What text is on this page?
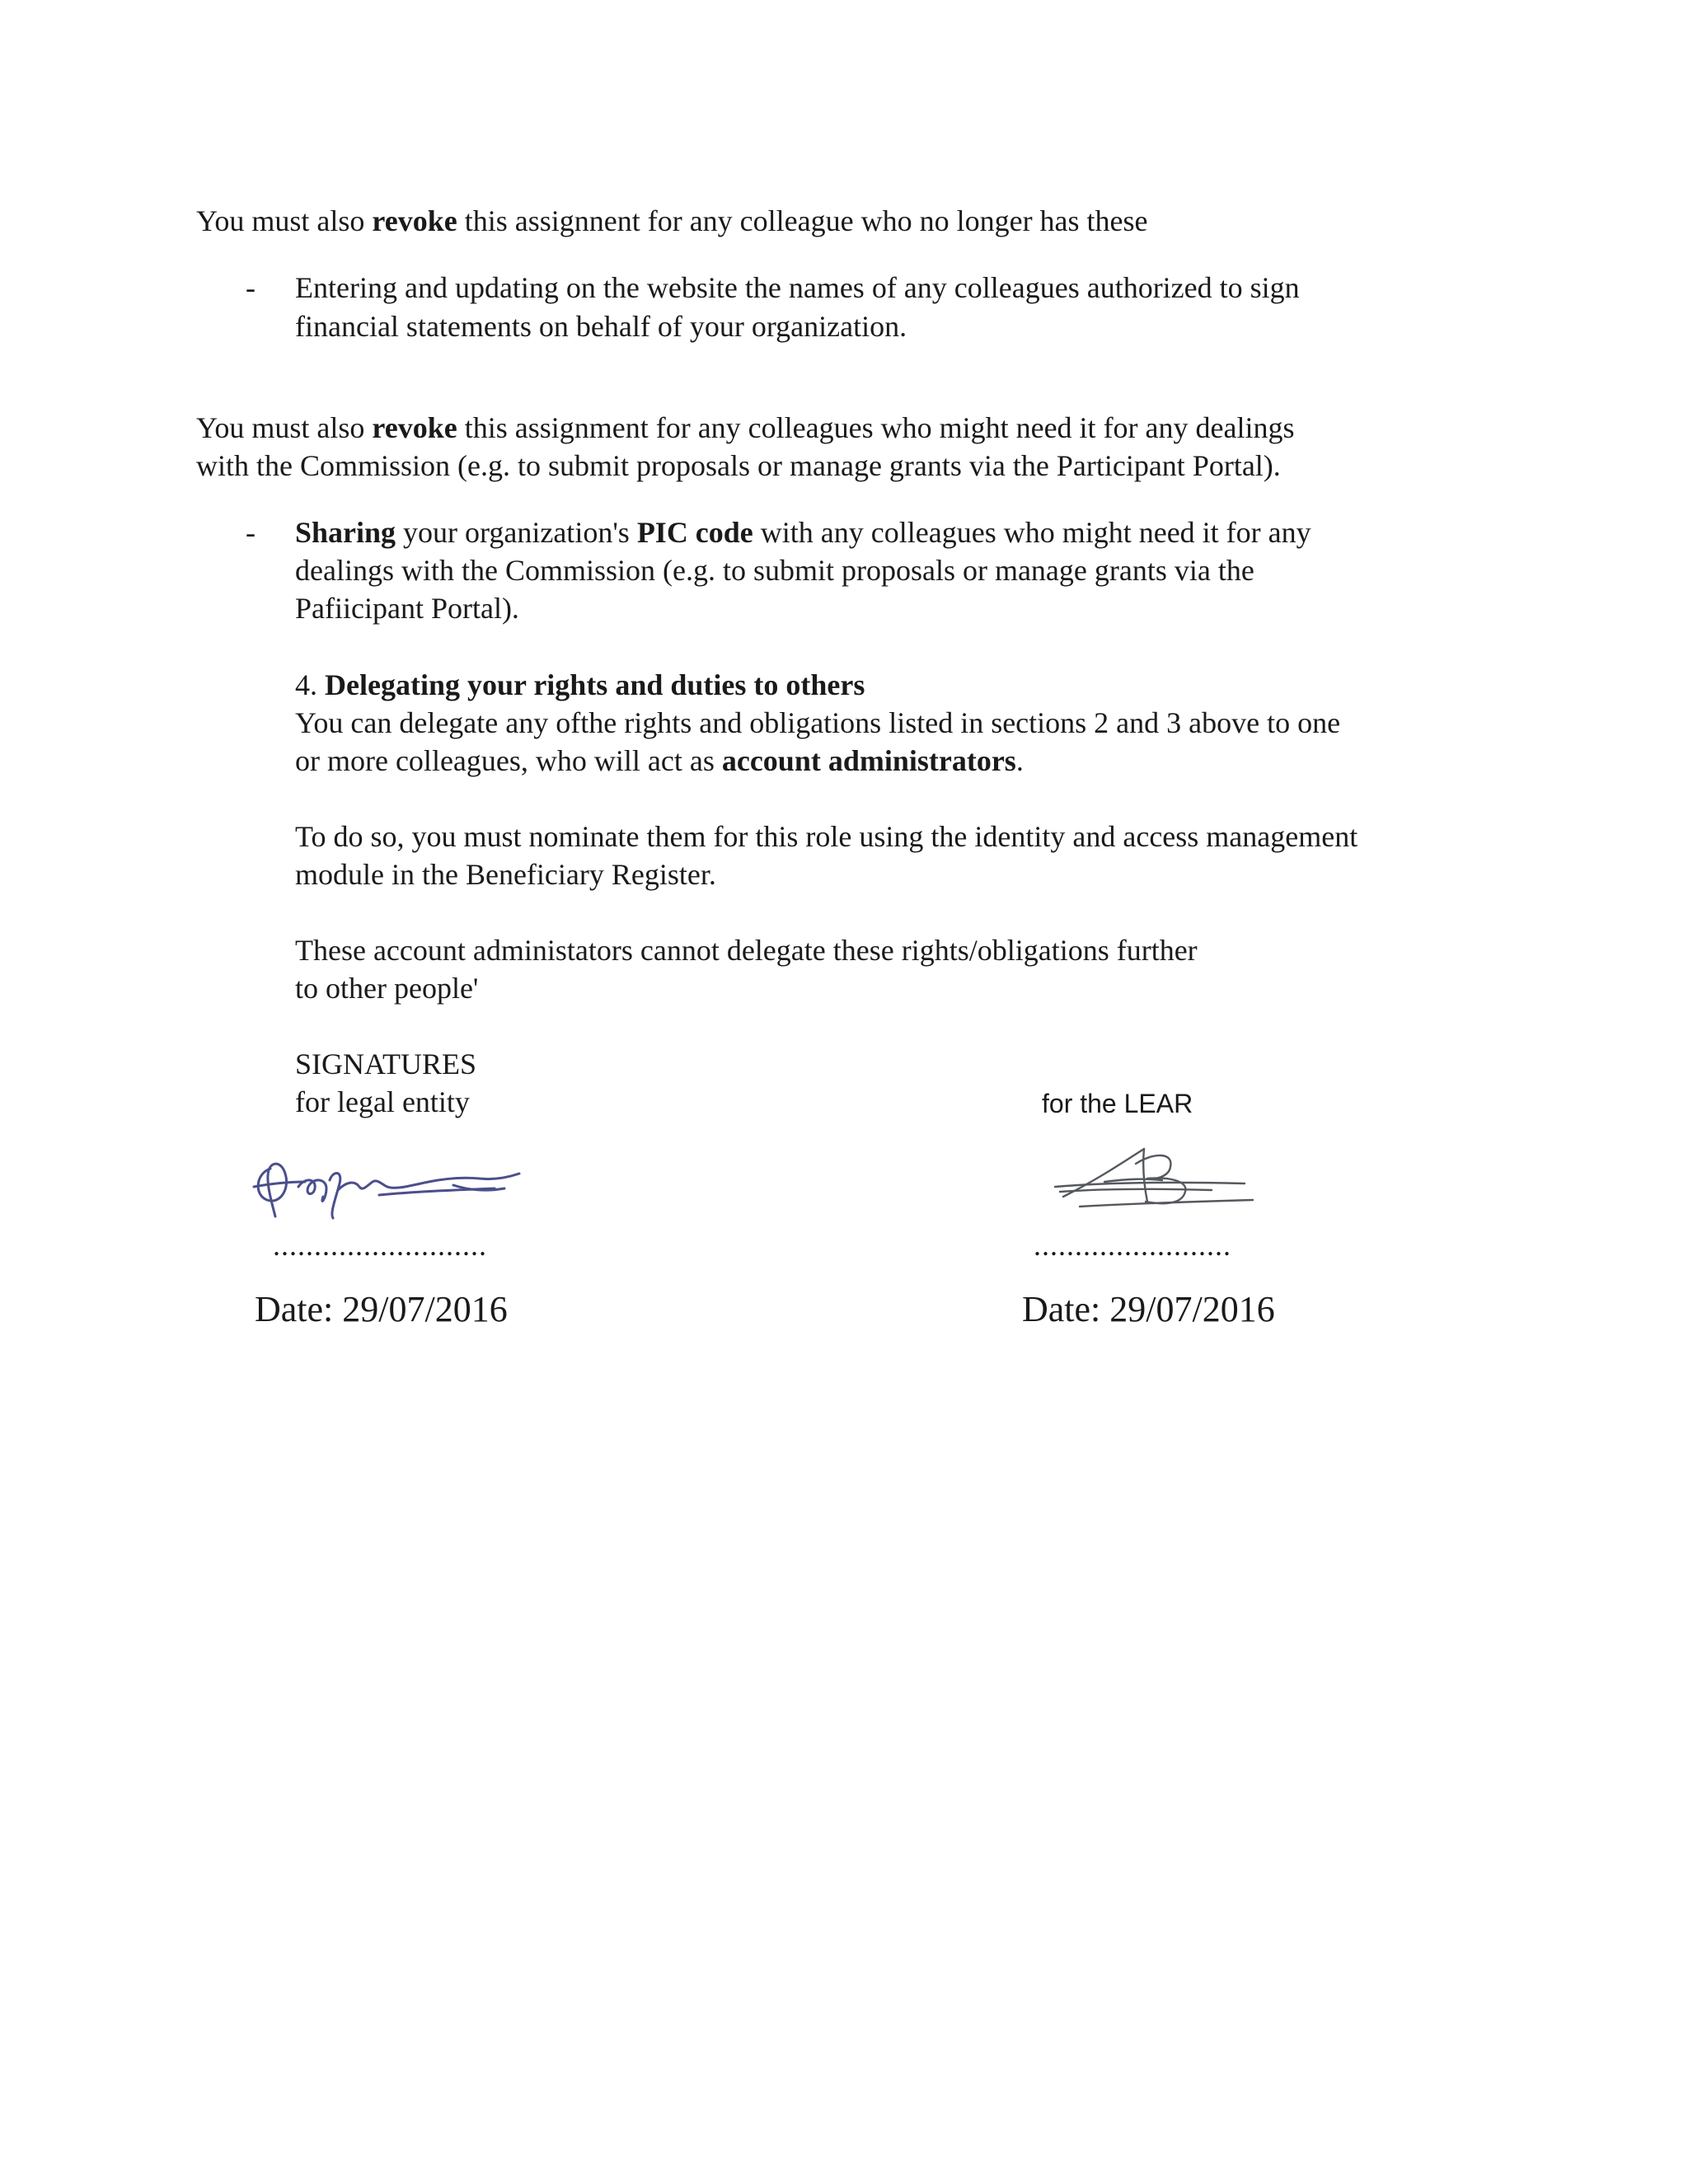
You must also revoke this assignnent for any colleague who no longer has these

- Entering and updating on the website the names of any colleagues authorized to sign

financial statements on behalf of your organization.

You must also revoke this assignment for any colleagues who might need it for any dealings

with the Commission (e.g. to submit proposals or manage grants via the Participant Portal).

- Sharing your organization's PIC code with any colleagues who might need it for any

dealings with the Commission (e.g. to submit proposals or manage grants via the

Pafiicipant Portal).

4. Delegating your rights and duties to others

You can delegate any ofthe rights and obligations listed in sections 2 and 3 above to one

or more colleagues, who will act as account administrators.

To do so, you must nominate them for this role using the identity and access management

module in the Beneficiary Register.

These account administators cannot delegate these rights/obligations further

to other people'

SIGNATURES

for legal entity	for the LEAR

..........................	........................

Date: 29/07/2016	Date: 29/07/2016
